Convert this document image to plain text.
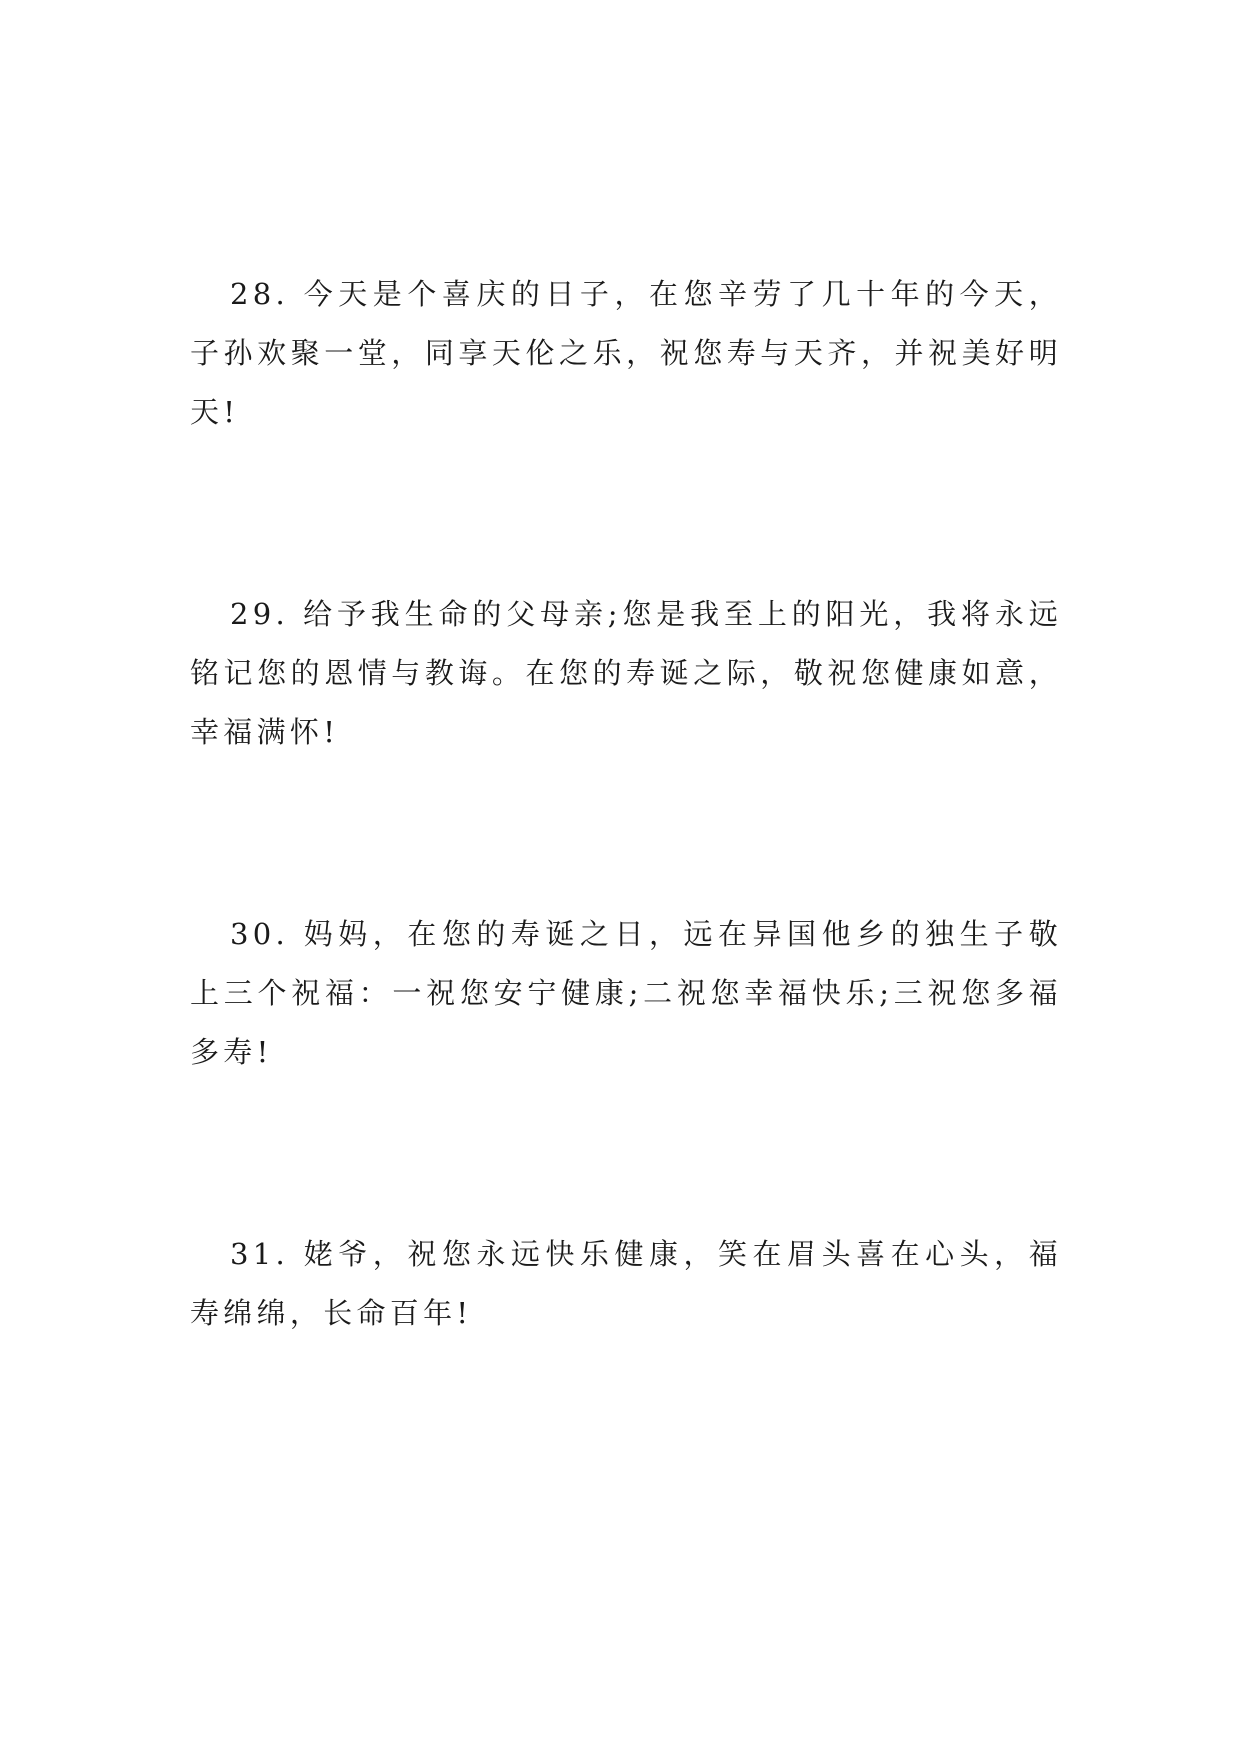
28. 今天是个喜庆的日子，在您辛劳了几十年的今天，子孙欢聚一堂，同享天伦之乐，祝您寿与天齐，并祝美好明天!

29. 给予我生命的父母亲;您是我至上的阳光，我将永远铭记您的恩情与教诲。在您的寿诞之际，敬祝您健康如意，幸福满怀!

30. 妈妈，在您的寿诞之日，远在异国他乡的独生子敬上三个祝福：一祝您安宁健康;二祝您幸福快乐;三祝您多福多寿!

31. 姥爷，祝您永远快乐健康，笑在眉头喜在心头，福寿绵绵，长命百年!
